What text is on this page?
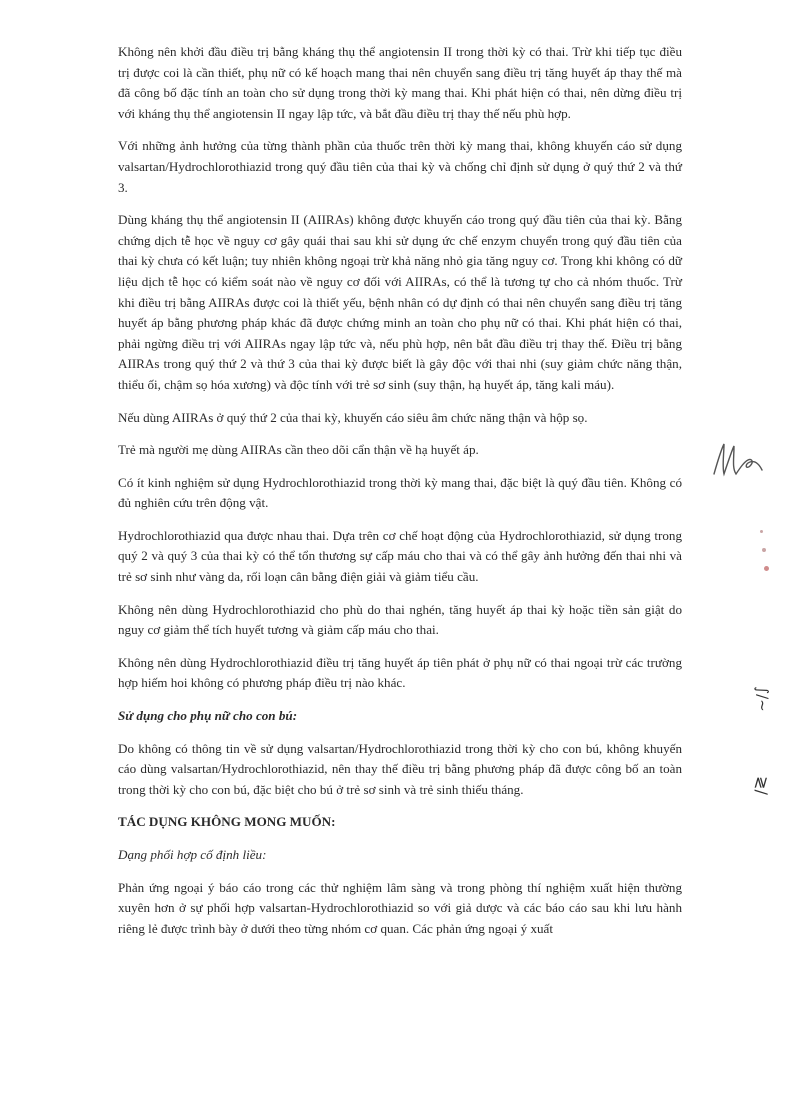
Không nên khởi đầu điều trị bằng kháng thụ thể angiotensin II trong thời kỳ có thai. Trừ khi tiếp tục điều trị được coi là cần thiết, phụ nữ có kế hoạch mang thai nên chuyển sang điều trị tăng huyết áp thay thế mà đã công bố đặc tính an toàn cho sử dụng trong thời kỳ mang thai. Khi phát hiện có thai, nên dừng điều trị với kháng thụ thể angiotensin II ngay lập tức, và bắt đầu điều trị thay thế nếu phù hợp.

Với những ảnh hưởng của từng thành phần của thuốc trên thời kỳ mang thai, không khuyến cáo sử dụng valsartan/Hydrochlorothiazid trong quý đầu tiên của thai kỳ và chống chỉ định sử dụng ở quý thứ 2 và thứ 3.

Dùng kháng thụ thể angiotensin II (AIIRAs) không được khuyến cáo trong quý đầu tiên của thai kỳ. Bằng chứng dịch tễ học về nguy cơ gây quái thai sau khi sử dụng ức chế enzym chuyển trong quý đầu tiên của thai kỳ chưa có kết luận; tuy nhiên không ngoại trừ khả năng nhỏ gia tăng nguy cơ. Trong khi không có dữ liệu dịch tễ học có kiểm soát nào về nguy cơ đối với AIIRAs, có thể là tương tự cho cả nhóm thuốc. Trừ khi điều trị bằng AIIRAs được coi là thiết yếu, bệnh nhân có dự định có thai nên chuyển sang điều trị tăng huyết áp bằng phương pháp khác đã được chứng minh an toàn cho phụ nữ có thai. Khi phát hiện có thai, phải ngừng điều trị với AIIRAs ngay lập tức và, nếu phù hợp, nên bắt đầu điều trị thay thế. Điều trị bằng AIIRAs trong quý thứ 2 và thứ 3 của thai kỳ được biết là gây độc với thai nhi (suy giảm chức năng thận, thiểu ối, chậm sọ hóa xương) và độc tính với trẻ sơ sinh (suy thận, hạ huyết áp, tăng kali máu).

Nếu dùng AIIRAs ở quý thứ 2 của thai kỳ, khuyến cáo siêu âm chức năng thận và hộp sọ.

Trẻ mà người mẹ dùng AIIRAs cần theo dõi cẩn thận về hạ huyết áp.

Có ít kinh nghiệm sử dụng Hydrochlorothiazid trong thời kỳ mang thai, đặc biệt là quý đầu tiên. Không có đủ nghiên cứu trên động vật.

Hydrochlorothiazid qua được nhau thai. Dựa trên cơ chế hoạt động của Hydrochlorothiazid, sử dụng trong quý 2 và quý 3 của thai kỳ có thể tổn thương sự cấp máu cho thai và có thể gây ảnh hưởng đến thai nhi và trẻ sơ sinh như vàng da, rối loạn cân bằng điện giải và giảm tiểu cầu.

Không nên dùng Hydrochlorothiazid cho phù do thai nghén, tăng huyết áp thai kỳ hoặc tiền sản giật do nguy cơ giảm thể tích huyết tương và giảm cấp máu cho thai.

Không nên dùng Hydrochlorothiazid điều trị tăng huyết áp tiên phát ở phụ nữ có thai ngoại trừ các trường hợp hiếm hoi không có phương pháp điều trị nào khác.

Sử dụng cho phụ nữ cho con bú:

Do không có thông tin về sử dụng valsartan/Hydrochlorothiazid trong thời kỳ cho con bú, không khuyến cáo dùng valsartan/Hydrochlorothiazid, nên thay thế điều trị bằng phương pháp đã được công bố an toàn trong thời kỳ cho con bú, đặc biệt cho bú ở trẻ sơ sinh và trẻ sinh thiếu tháng.

TÁC DỤNG KHÔNG MONG MUỐN:

Dạng phối hợp cố định liều:

Phản ứng ngoại ý báo cáo trong các thử nghiệm lâm sàng và trong phòng thí nghiệm xuất hiện thường xuyên hơn ở sự phối hợp valsartan-Hydrochlorothiazid so với giả dược và các báo cáo sau khi lưu hành riêng lẻ được trình bày ở dưới theo từng nhóm cơ quan. Các phản ứng ngoại ý xuất

∫∕∼
≷∕
